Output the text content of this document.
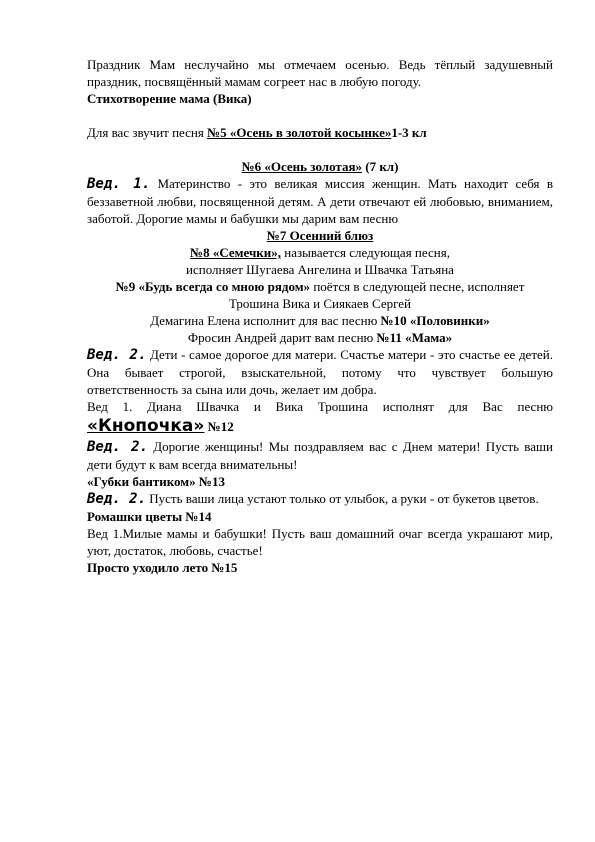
Праздник Мам неслучайно мы отмечаем осенью. Ведь тёплый задушевный праздник, посвящённый мамам согреет нас в любую погоду.

Стихотворение мама (Вика)

Для вас звучит песня №5 «Осень в золотой косынке»1-3 кл

№6 «Осень золотая» (7 кл)

Вед. 1. Материнство - это великая миссия женщин. Мать находит себя в беззаветной любви, посвященной детям. А дети отвечают ей любовью, вниманием, заботой. Дорогие мамы и бабушки мы дарим вам песню

№7 Осенний блюз

№8 «Семечки», называется следующая песня,

исполняет Шугаева Ангелина и Швачка Татьяна

№9 «Будь всегда со мною рядом» поётся в следующей песне, исполняет

Трошина Вика и Сиякаев Сергей

Демагина Елена исполнит для вас песню №10 «Половинки»

Фросин Андрей дарит вам песню №11 «Мама»

Вед. 2. Дети - самое дорогое для матери. Счастье матери - это счастье ее детей. Она бывает строгой, взыскательной, потому что чувствует большую ответственность за сына или дочь, желает им добра.

Вед 1. Диана Швачка и Вика Трошина исполнят для Вас песню

«Кнопочка» №12

Вед. 2. Дорогие женщины! Мы поздравляем вас с Днем матери! Пусть ваши дети будут к вам всегда внимательны!

«Губки бантиком» №13

Вед. 2. Пусть ваши лица устают только от улыбок, а руки - от букетов цветов.

Ромашки цветы №14

Вед 1.Милые мамы и бабушки! Пусть ваш домашний очаг всегда украшают мир, уют, достаток, любовь, счастье!

Просто уходило лето №15
